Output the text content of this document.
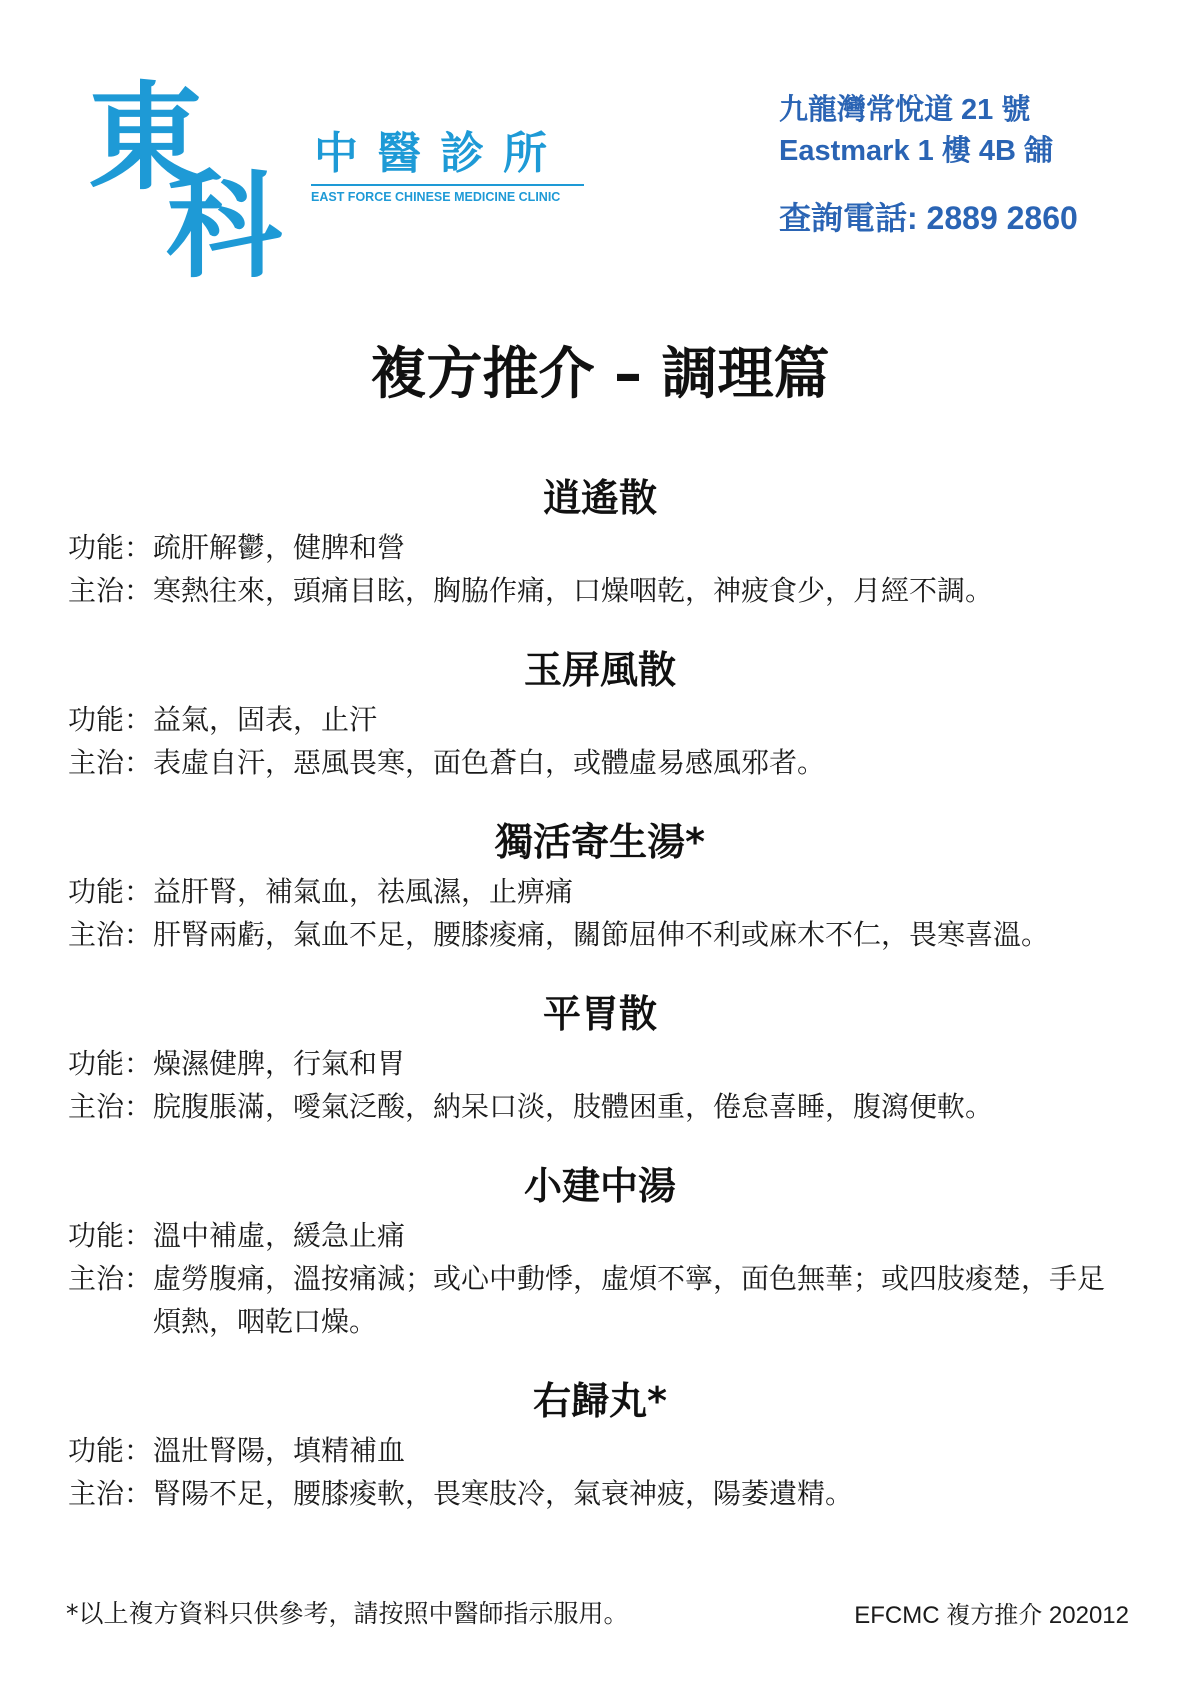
東
科
中醫診所
EAST FORCE CHINESE MEDICINE CLINIC
九龍灣常悅道 21 號
Eastmark 1 樓 4B 舖
查詢電話: 2889 2860
複方推介 – 調理篇
逍遙散
功能： 疏肝解鬱，健脾和營
主治： 寒熱往來，頭痛目眩，胸脇作痛，口燥咽乾，神疲食少，月經不調。
玉屏風散
功能： 益氣，固表，止汗
主治： 表虛自汗，惡風畏寒，面色蒼白，或體虛易感風邪者。
獨活寄生湯*
功能： 益肝腎，補氣血，祛風濕，止痹痛
主治： 肝腎兩虧，氣血不足，腰膝痠痛，關節屈伸不利或麻木不仁，畏寒喜溫。
平胃散
功能： 燥濕健脾，行氣和胃
主治： 脘腹脹滿，噯氣泛酸，納呆口淡，肢體困重，倦怠喜睡，腹瀉便軟。
小建中湯
功能： 溫中補虛，緩急止痛
主治： 虛勞腹痛，溫按痛減；或心中動悸，虛煩不寧，面色無華；或四肢痠楚，手足
煩熱，咽乾口燥。
右歸丸*
功能： 溫壯腎陽，填精補血
主治： 腎陽不足，腰膝痠軟，畏寒肢冷，氣衰神疲，陽萎遺精。
*以上複方資料只供參考，請按照中醫師指示服用。	EFCMC 複方推介 202012
